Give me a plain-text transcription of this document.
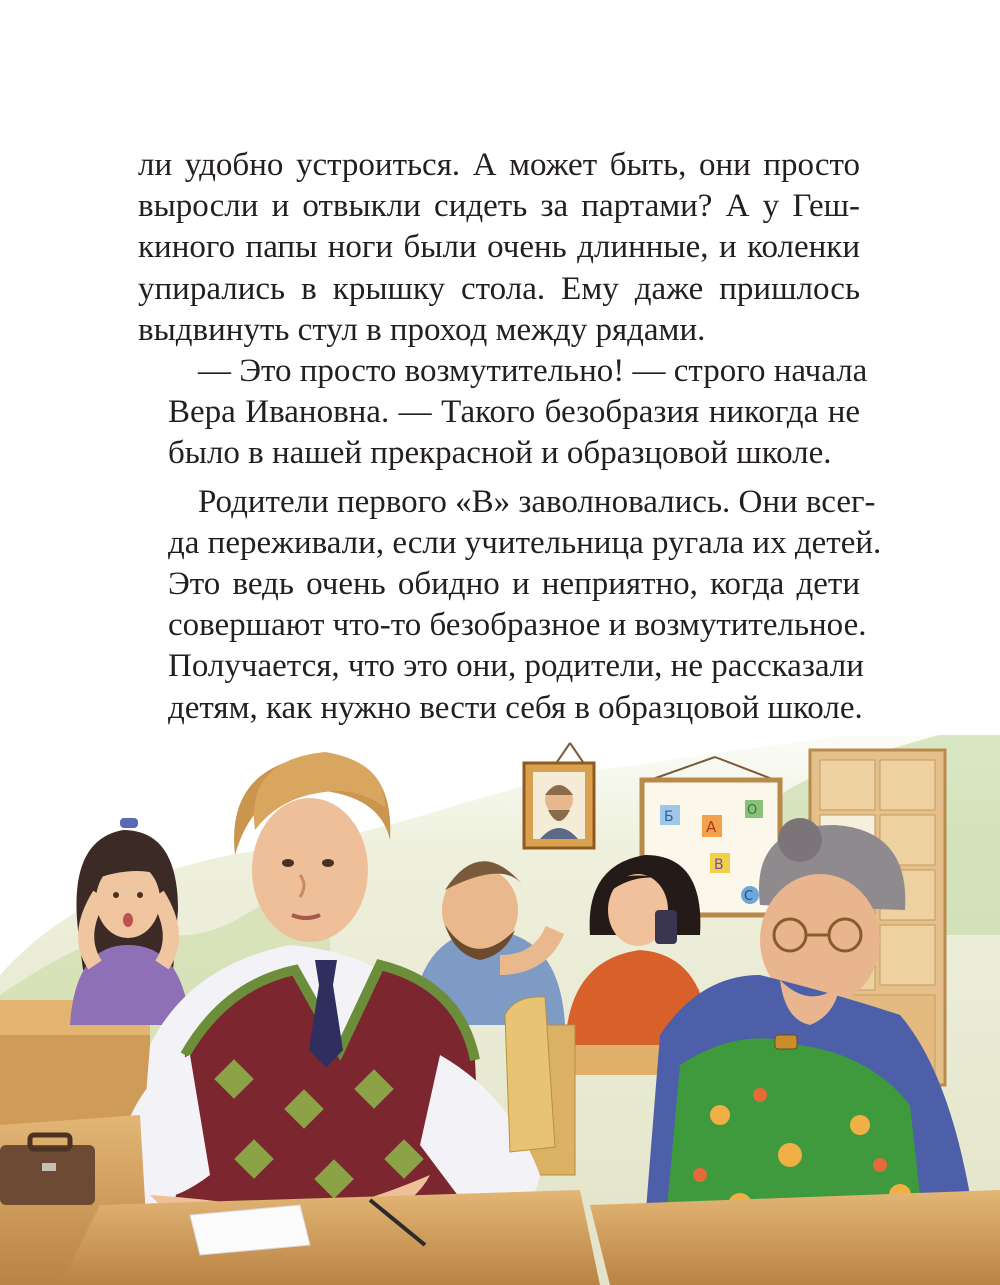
ли удобно устроиться. А может быть, они просто
выросли и отвыкли сидеть за партами? А у Геш-
киного папы ноги были очень длинные, и коленки
упирались в крышку стола. Ему даже пришлось
выдвинуть стул в проход между рядами.

— Это просто возмутительно! — строго начала
Вера Ивановна. — Такого безобразия никогда не
было в нашей прекрасной и образцовой школе.

Родители первого «В» заволновались. Они всег-
да переживали, если учительница ругала их детей.
Это ведь очень обидно и неприятно, когда дети
совершают что-то безобразное и возмутительное.
Получается, что это они, родители, не рассказали
детям, как нужно вести себя в образцовой школе.

Б
А
В
О
С
